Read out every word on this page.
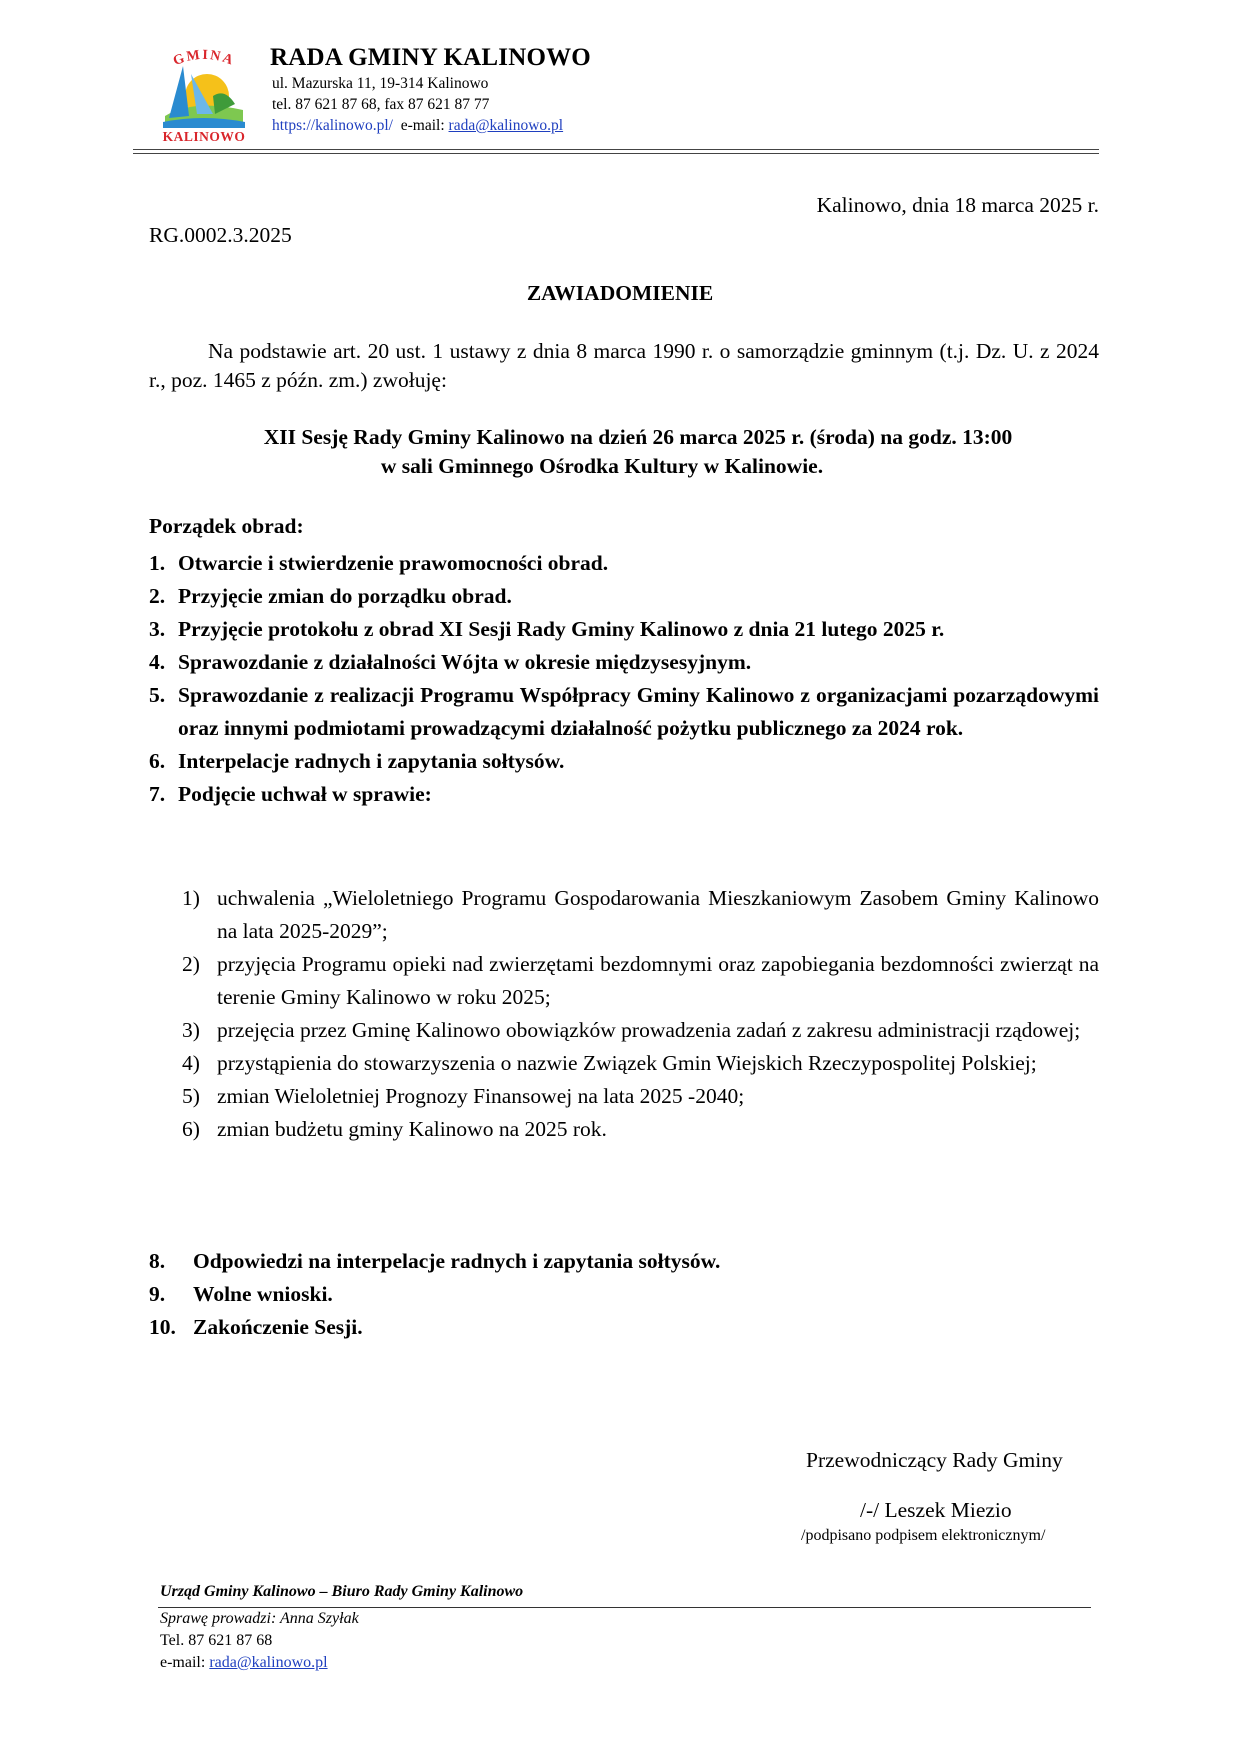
GMINA
KALINOWO
RADA GMINY KALINOWO
ul. Mazurska 11, 19-314 Kalinowo
tel. 87 621 87 68, fax 87 621 87 77
https://kalinowo.pl/ e-mail: rada@kalinowo.pl
Kalinowo, dnia 18 marca 2025 r.
RG.0002.3.2025
ZAWIADOMIENIE

Na podstawie art. 20 ust. 1 ustawy z dnia 8 marca 1990 r. o samorządzie gminnym (t.j. Dz. U. z 2024 r., poz. 1465 z późn. zm.) zwołuję:

XII Sesję Rady Gminy Kalinowo na dzień 26 marca 2025 r. (środa) na godz. 13:00
w sali Gminnego Ośrodka Kultury w Kalinowie.
Porządek obrad:
1. Otwarcie i stwierdzenie prawomocności obrad.
2. Przyjęcie zmian do porządku obrad.
3. Przyjęcie protokołu z obrad XI Sesji Rady Gminy Kalinowo z dnia 21 lutego 2025 r.
4. Sprawozdanie z działalności Wójta w okresie międzysesyjnym.
5. Sprawozdanie z realizacji Programu Współpracy Gminy Kalinowo z organizacjami pozarządowymi oraz innymi podmiotami prowadzącymi działalność pożytku publicznego za 2024 rok.
6. Interpelacje radnych i zapytania sołtysów.
7. Podjęcie uchwał w sprawie:
1) uchwalenia „Wieloletniego Programu Gospodarowania Mieszkaniowym Zasobem Gminy Kalinowo na lata 2025-2029”;
2) przyjęcia Programu opieki nad zwierzętami bezdomnymi oraz zapobiegania bezdomności zwierząt na terenie Gminy Kalinowo w roku 2025;
3) przejęcia przez Gminę Kalinowo obowiązków prowadzenia zadań z zakresu administracji rządowej;
4) przystąpienia do stowarzyszenia o nazwie Związek Gmin Wiejskich Rzeczypospolitej Polskiej;
5) zmian Wieloletniej Prognozy Finansowej na lata 2025 -2040;
6) zmian budżetu gminy Kalinowo na 2025 rok.
8. Odpowiedzi na interpelacje radnych i zapytania sołtysów.
9. Wolne wnioski.
10. Zakończenie Sesji.
Przewodniczący Rady Gminy
/-/ Leszek Miezio
/podpisano podpisem elektronicznym/
Urząd Gminy Kalinowo – Biuro Rady Gminy Kalinowo
Sprawę prowadzi: Anna Szyłak
Tel. 87 621 87 68
e-mail: rada@kalinowo.pl
